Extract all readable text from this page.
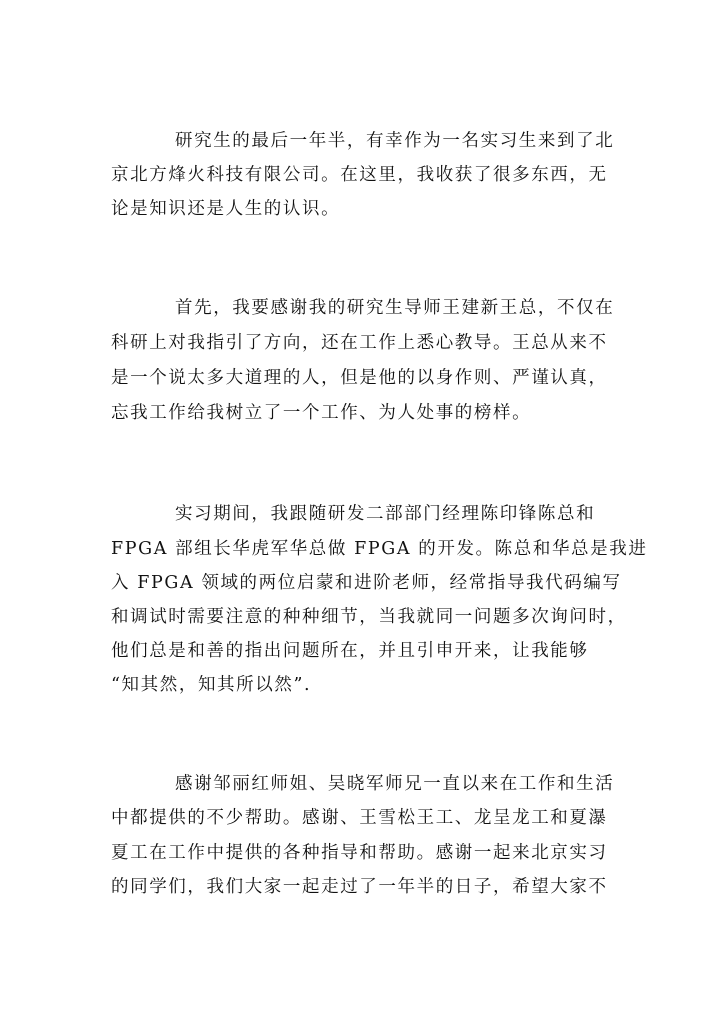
研究生的最后一年半，有幸作为一名实习生来到了北
京北方烽火科技有限公司。在这里，我收获了很多东西，无
论是知识还是人生的认识。
首先，我要感谢我的研究生导师王建新王总，不仅在
科研上对我指引了方向，还在工作上悉心教导。王总从来不
是一个说太多大道理的人，但是他的以身作则、严谨认真，
忘我工作给我树立了一个工作、为人处事的榜样。
实习期间，我跟随研发二部部门经理陈印锋陈总和
FPGA 部组长华虎军华总做 FPGA 的开发。陈总和华总是我进
入 FPGA 领域的两位启蒙和进阶老师，经常指导我代码编写
和调试时需要注意的种种细节，当我就同一问题多次询问时，
他们总是和善的指出问题所在，并且引申开来，让我能够
“知其然，知其所以然”.
感谢邹丽红师姐、吴晓军师兄一直以来在工作和生活
中都提供的不少帮助。感谢、王雪松王工、龙呈龙工和夏瀑
夏工在工作中提供的各种指导和帮助。感谢一起来北京实习
的同学们，我们大家一起走过了一年半的日子，希望大家不
